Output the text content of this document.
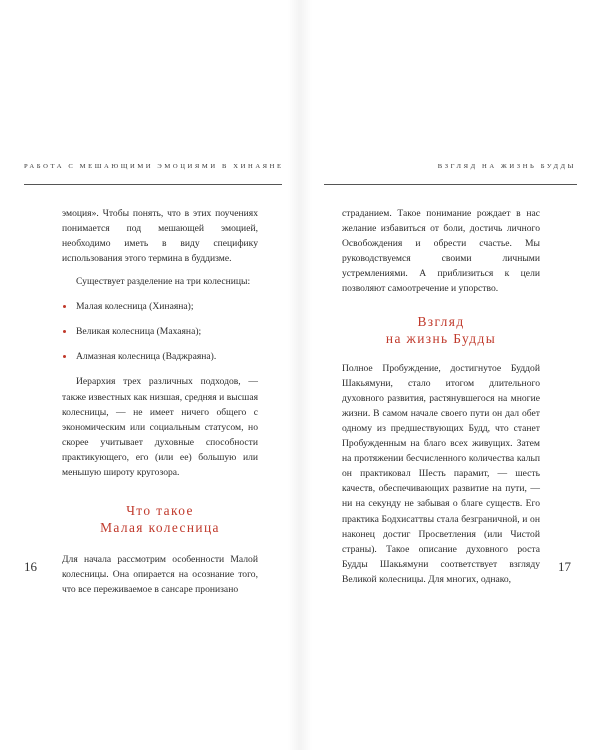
РАБОТА С МЕШАЮЩИМИ ЭМОЦИЯМИ В ХИНАЯНЕ	ВЗГЛЯД НА ЖИЗНЬ БУДДЫ

эмоция». Чтобы понять, что в этих поучениях понимается под мешающей эмоцией, необходимо иметь в виду специфику использования этого термина в буддизме.

Существует разделение на три колесницы:

Малая колесница (Хинаяна);
Великая колесница (Махаяна);
Алмазная колесница (Ваджраяна).

Иерархия трех различных подходов, — также известных как низшая, средняя и высшая колесницы, — не имеет ничего общего с экономическим или социальным статусом, но скорее учитывает духовные способности практикующего, его (или ее) большую или меньшую широту кругозора.

Что такое
Малая колесница

Для начала рассмотрим особенности Малой колесницы. Она опирается на осознание того, что все переживаемое в сансаре пронизано

страданием. Такое понимание рождает в нас желание избавиться от боли, достичь личного Освобождения и обрести счастье. Мы руководствуемся своими личными устремлениями. А приблизиться к цели позволяют самоотречение и упорство.

Взгляд
на жизнь Будды

Полное Пробуждение, достигнутое Буддой Шакьямуни, стало итогом длительного духовного развития, растянувшегося на многие жизни. В самом начале своего пути он дал обет одному из предшествующих Будд, что станет Пробужденным на благо всех живущих. Затем на протяжении бесчисленного количества кальп он практиковал Шесть парамит, — шесть качеств, обеспечивающих развитие на пути, — ни на секунду не забывая о благе существ. Его практика Бодхисаттвы стала безграничной, и он наконец достиг Просветления (или Чистой страны). Такое описание духовного роста Будды Шакьямуни соответствует взгляду Великой колесницы. Для многих, однако,

16	17
